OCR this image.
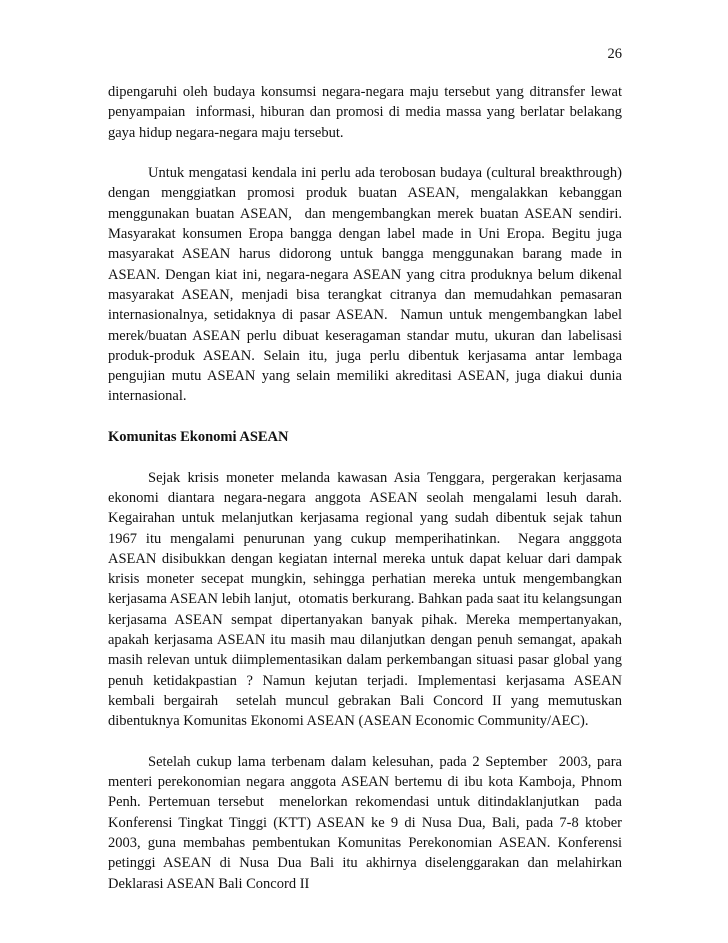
26

dipengaruhi oleh budaya konsumsi negara-negara maju tersebut yang ditransfer lewat penyampaian  informasi, hiburan dan promosi di media massa yang berlatar belakang gaya hidup negara-negara maju tersebut.

Untuk mengatasi kendala ini perlu ada terobosan budaya (cultural breakthrough)    dengan menggiatkan promosi produk buatan ASEAN, mengalakkan kebanggan menggunakan buatan ASEAN,  dan mengembangkan merek buatan ASEAN sendiri. Masyarakat konsumen Eropa bangga dengan label made in Uni Eropa. Begitu juga masyarakat ASEAN harus didorong untuk bangga menggunakan barang made in ASEAN. Dengan kiat ini, negara-negara ASEAN yang citra produknya belum dikenal masyarakat ASEAN, menjadi bisa terangkat citranya dan memudahkan pemasaran internasionalnya, setidaknya di pasar ASEAN.  Namun untuk mengembangkan label merek/buatan ASEAN perlu dibuat keseragaman standar mutu, ukuran dan labelisasi produk-produk ASEAN. Selain itu, juga perlu dibentuk kerjasama antar lembaga pengujian mutu ASEAN yang selain memiliki akreditasi ASEAN, juga diakui dunia internasional.

Komunitas Ekonomi ASEAN

Sejak krisis moneter melanda kawasan Asia Tenggara, pergerakan kerjasama ekonomi diantara negara-negara anggota ASEAN seolah mengalami lesuh darah. Kegairahan untuk melanjutkan kerjasama regional yang sudah dibentuk sejak tahun 1967 itu mengalami penurunan yang cukup memperihatinkan.  Negara angggota ASEAN disibukkan dengan kegiatan internal mereka untuk dapat keluar dari dampak krisis moneter secepat mungkin, sehingga perhatian mereka untuk mengembangkan kerjasama ASEAN lebih lanjut,  otomatis berkurang. Bahkan pada saat itu kelangsungan kerjasama ASEAN sempat dipertanyakan banyak pihak. Mereka mempertanyakan, apakah kerjasama ASEAN itu masih mau dilanjutkan dengan penuh semangat, apakah masih relevan untuk diimplementasikan dalam perkembangan situasi pasar global yang penuh ketidakpastian ? Namun kejutan terjadi. Implementasi kerjasama ASEAN kembali bergairah  setelah muncul gebrakan Bali Concord II yang memutuskan dibentuknya Komunitas Ekonomi ASEAN (ASEAN Economic Community/AEC).

Setelah cukup lama terbenam dalam kelesuhan, pada 2 September  2003, para menteri perekonomian negara anggota ASEAN bertemu di ibu kota Kamboja, Phnom Penh. Pertemuan tersebut  menelorkan rekomendasi untuk ditindaklanjutkan  pada Konferensi Tingkat Tinggi (KTT) ASEAN ke 9 di Nusa Dua, Bali, pada 7-8 ktober 2003, guna membahas pembentukan Komunitas Perekonomian ASEAN. Konferensi petinggi ASEAN di Nusa Dua Bali itu akhirnya diselenggarakan dan melahirkan Deklarasi ASEAN Bali Concord II
